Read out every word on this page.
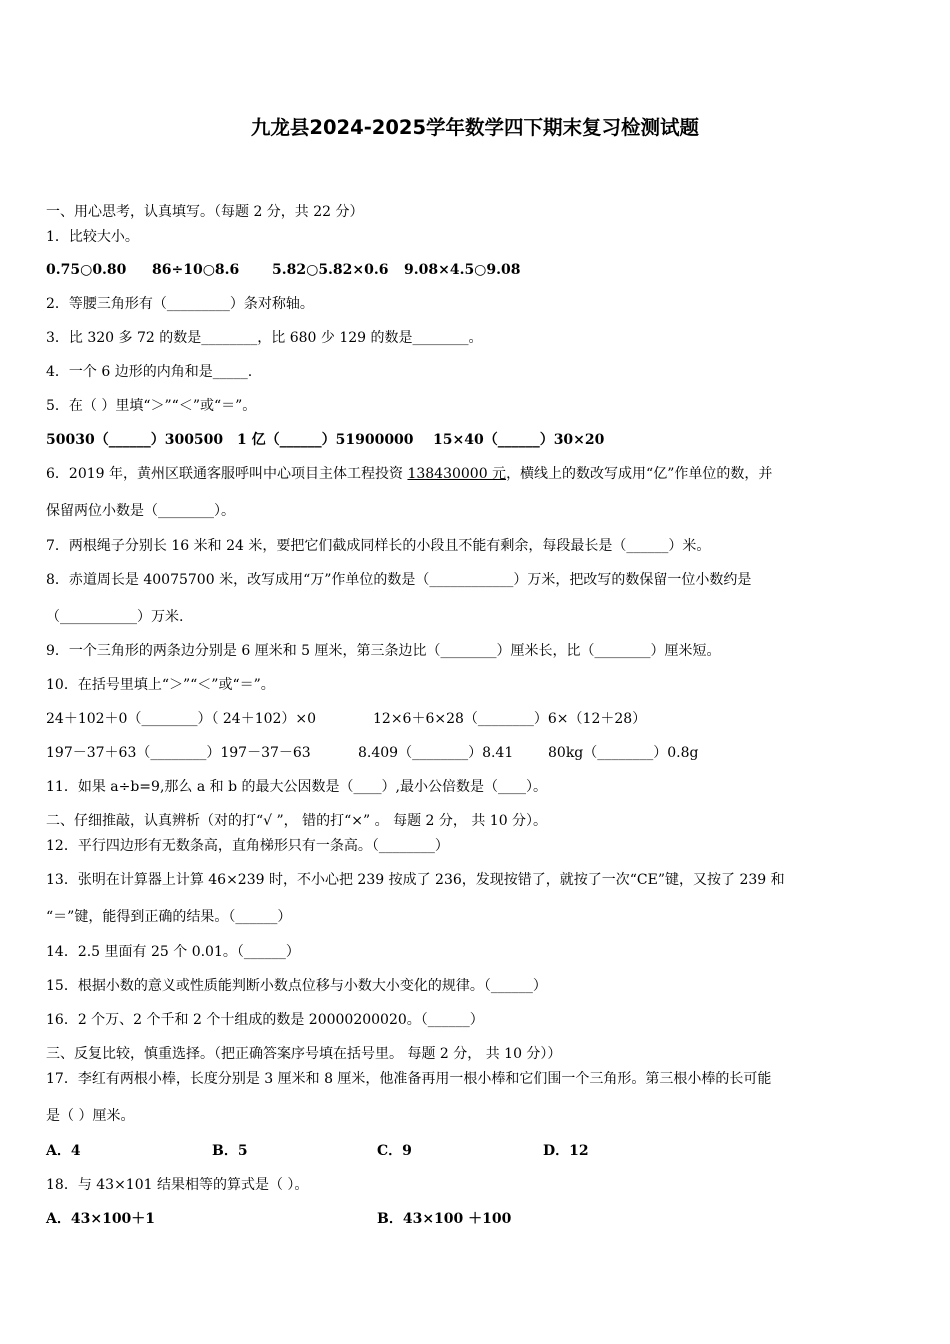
九龙县2024-2025学年数学四下期末复习检测试题
一、用心思考，认真填写。（每题 2 分，共 22 分）
1．比较大小。
0.75○0.80 86÷10○8.6 5.82○5.82×0.6 9.08×4.5○9.08
2．等腰三角形有（_________）条对称轴。
3．比 320 多 72 的数是________，比 680 少 129 的数是________。
4．一个 6 边形的内角和是_____.
5．在（ ）里填“＞”“＜”或“＝”。
50030（______）300500 1 亿（______）51900000 15×40（______）30×20
6．2019 年，黄州区联通客服呼叫中心项目主体工程投资 138430000 元，横线上的数改写成用“亿”作单位的数，并
保留两位小数是（________）。
7．两根绳子分别长 16 米和 24 米，要把它们截成同样长的小段且不能有剩余，每段最长是（______）米。
8．赤道周长是 40075700 米，改写成用“万”作单位的数是（____________）万米，把改写的数保留一位小数约是
（___________）万米.
9．一个三角形的两条边分别是 6 厘米和 5 厘米，第三条边比（________）厘米长，比（________）厘米短。
10．在括号里填上“＞”“＜”或“＝”。
24＋102＋0（________）（ 24＋102）×0	12×6＋6×28（________）6×（12＋28）
197－37＋63（________）197－37－63	8.409（________）8.41 80kg（________）0.8g
11．如果 a÷b=9,那么 a 和 b 的最大公因数是（____）,最小公倍数是（____）。
二、仔细推敲，认真辨析（对的打“√ ”， 错的打“×” 。 每题 2 分， 共 10 分）。
12．平行四边形有无数条高，直角梯形只有一条高。（________）
13．张明在计算器上计算 46×239 时，不小心把 239 按成了 236，发现按错了，就按了一次“CE”键，又按了 239 和
“＝”键，能得到正确的结果。（______）
14．2.5 里面有 25 个 0.01。（______）
15．根据小数的意义或性质能判断小数点位移与小数大小变化的规律。（______）
16．2 个万、2 个千和 2 个十组成的数是 20000200020。（______）
三、反复比较，慎重选择。（把正确答案序号填在括号里。 每题 2 分， 共 10 分））
17．李红有两根小棒，长度分别是 3 厘米和 8 厘米，他准备再用一根小棒和它们围一个三角形。第三根小棒的长可能
是（ ）厘米。
A．4	B．5	C．9	D．12
18．与 43×101 结果相等的算式是（ ）。
A．43×100＋1	B．43×100 ＋100
